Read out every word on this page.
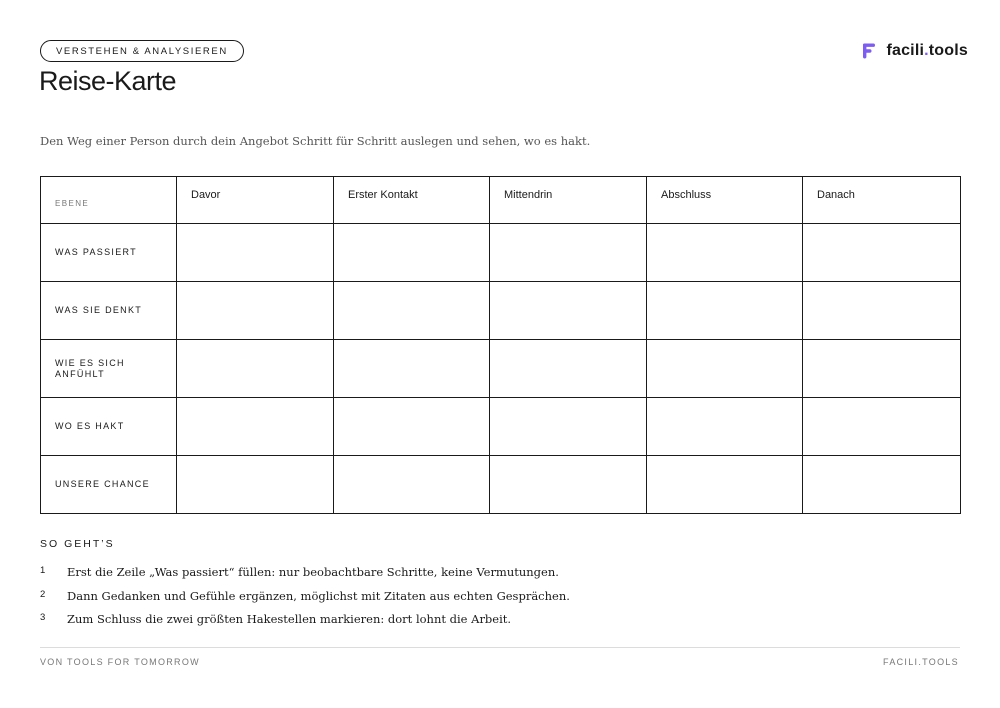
VERSTEHEN & ANALYSIEREN	facili.tools
Reise-Karte

Den Weg einer Person durch dein Angebot Schritt für Schritt auslegen und sehen, wo es hakt.

EBENE	Davor	Erster Kontakt	Mittendrin	Abschluss	Danach

WAS PASSIERT					

WAS SIE DENKT					

WIE ES SICH ANFÜHLT					

WO ES HAKT					

UNSERE CHANCE					

SO GEHT’S
1 Erst die Zeile „Was passiert“ füllen: nur beobachtbare Schritte, keine Vermutungen.
2 Dann Gedanken und Gefühle ergänzen, möglichst mit Zitaten aus echten Gesprächen.
3 Zum Schluss die zwei größten Hakestellen markieren: dort lohnt die Arbeit.
VON TOOLS FOR TOMORROW	FACILI.TOOLS
